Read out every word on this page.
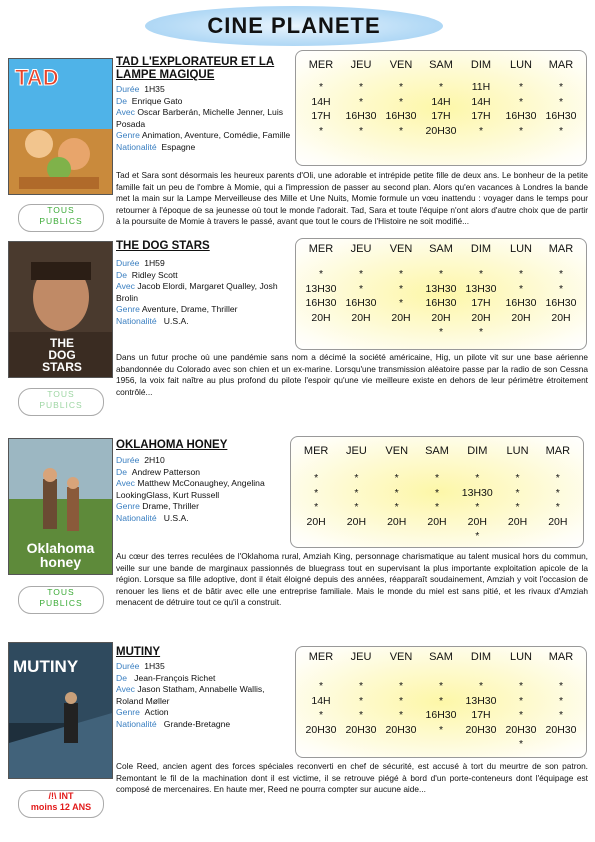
CINE PLANETE
TAD
TAD L'EXPLORATEUR ET LA LAMPE MAGIQUE
Durée 1H35
De Enrique Gato
Avec Oscar Barberán, Michelle Jenner, Luis Posada
Genre Animation, Aventure, Comédie, Famille
Nationalité Espagne
MER
*
14H
17H
*
JEU
*
*
16H30
*
VEN
*
*
16H30
*
SAM
*
14H
17H
20H30
DIM
11H
14H
17H
*
LUN
*
*
16H30
*
MAR
*
*
16H30
*
Tad et Sara sont désormais les heureux parents d'Oli, une adorable et intrépide petite fille de deux ans. Le bonheur de la petite famille fait un peu de l'ombre à Momie, qui a l'impression de passer au second plan. Alors qu'en vacances à Londres la bande met la main sur la Lampe Merveilleuse des Mille et Une Nuits, Momie formule un vœu inattendu : voyager dans le temps pour retourner à l'époque de sa jeunesse où tout le monde l'adorait. Tad, Sara et toute l'équipe n'ont alors d'autre choix que de partir à la poursuite de Momie à travers le passé, avant que tout le cours de l'Histoire ne soit modifié...
TOUS
PUBLICS
THE DOG STARS
THE DOG STARS
Durée 1H59
De Ridley Scott
Avec Jacob Elordi, Margaret Qualley, Josh Brolin
Genre Aventure, Drame, Thriller
Nationalité U.S.A.
MER
*
13H30
16H30
20H
JEU
*
*
16H30
20H
VEN
*
*
*
20H
SAM
*
13H30
16H30
20H
*
DIM
*
13H30
17H
20H
*
LUN
*
*
16H30
20H
MAR
*
*
16H30
20H
Dans un futur proche où une pandémie sans nom a décimé la société américaine, Hig, un pilote vit sur une base aérienne abandonnée du Colorado avec son chien et un ex-marine. Lorsqu'une transmission aléatoire passe par la radio de son Cessna 1956, la voix fait naître au plus profond du pilote l'espoir qu'une vie meilleure existe en dehors de leur périmètre étroitement contrôlé...
TOUS
PUBLICS
Oklahoma honey
OKLAHOMA HONEY
Durée 2H10
De Andrew Patterson
Avec Matthew McConaughey, Angelina LookingGlass, Kurt Russell
Genre Drame, Thriller
Nationalité U.S.A.
MER
*
*
*
20H
JEU
*
*
*
20H
VEN
*
*
*
20H
SAM
*
*
*
20H
DIM
*
13H30
*
20H
*
LUN
*
*
*
20H
MAR
*
*
*
20H
Au cœur des terres reculées de l'Oklahoma rural, Amziah King, personnage charismatique au talent musical hors du commun, veille sur une bande de marginaux passionnés de bluegrass tout en supervisant la plus importante exploitation apicole de la région. Lorsque sa fille adoptive, dont il était éloigné depuis des années, réapparaît soudainement, Amziah y voit l'occasion de renouer les liens et de bâtir avec elle une entreprise familiale. Mais le monde du miel est sans pitié, et les rivaux d'Amziah menacent de détruire tout ce qu'il a construit.
TOUS
PUBLICS
MUTINY
MUTINY
Durée 1H35
De Jean-François Richet
Avec Jason Statham, Annabelle Wallis, Roland Møller
Genre Action
Nationalité Grande-Bretagne
MER
*
14H
*
20H30
JEU
*
*
*
20H30
VEN
*
*
*
20H30
SAM
*
*
16H30
*
DIM
*
13H30
17H
20H30
LUN
*
*
*
20H30
*
MAR
*
*
*
20H30
Cole Reed, ancien agent des forces spéciales reconverti en chef de sécurité, est accusé à tort du meurtre de son patron. Remontant le fil de la machination dont il est victime, il se retrouve piégé à bord d'un porte-conteneurs dont l'équipage est composé de mercenaires. En haute mer, Reed ne pourra compter sur aucune aide...
/!\ INT
moins 12 ANS
